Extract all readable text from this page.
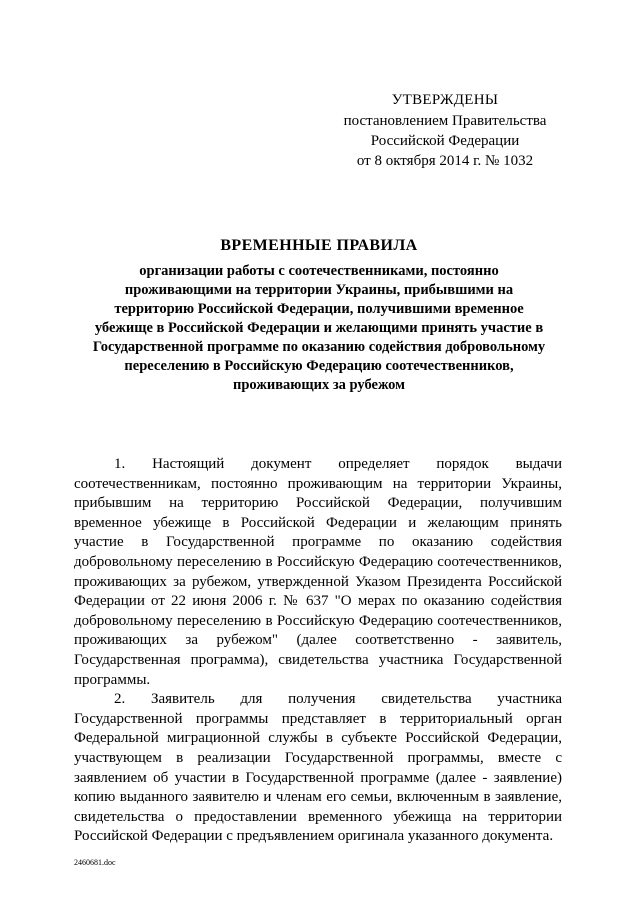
УТВЕРЖДЕНЫ
постановлением Правительства
Российской Федерации
от 8 октября 2014 г. № 1032
ВРЕМЕННЫЕ ПРАВИЛА
организации работы с соотечественниками, постоянно
проживающими на территории Украины, прибывшими на
территорию Российской Федерации, получившими временное
убежище в Российской Федерации и желающими принять участие в
Государственной программе по оказанию содействия добровольному
переселению в Российскую Федерацию соотечественников,
проживающих за рубежом

1. Настоящий документ определяет порядок выдачи соотечественникам, постоянно проживающим на территории Украины, прибывшим на территорию Российской Федерации, получившим временное убежище в Российской Федерации и желающим принять участие в Государственной программе по оказанию содействия добровольному переселению в Российскую Федерацию соотечественников, проживающих за рубежом, утвержденной Указом Президента Российской Федерации от 22 июня 2006 г. № 637 "О мерах по оказанию содействия добровольному переселению в Российскую Федерацию соотечественников, проживающих за рубежом" (далее соответственно - заявитель, Государственная программа), свидетельства участника Государственной программы.

2. Заявитель для получения свидетельства участника Государственной программы представляет в территориальный орган Федеральной миграционной службы в субъекте Российской Федерации, участвующем в реализации Государственной программы, вместе с заявлением об участии в Государственной программе (далее - заявление) копию выданного заявителю и членам его семьи, включенным в заявление, свидетельства о предоставлении временного убежища на территории Российской Федерации с предъявлением оригинала указанного документа.

2460681.doc
